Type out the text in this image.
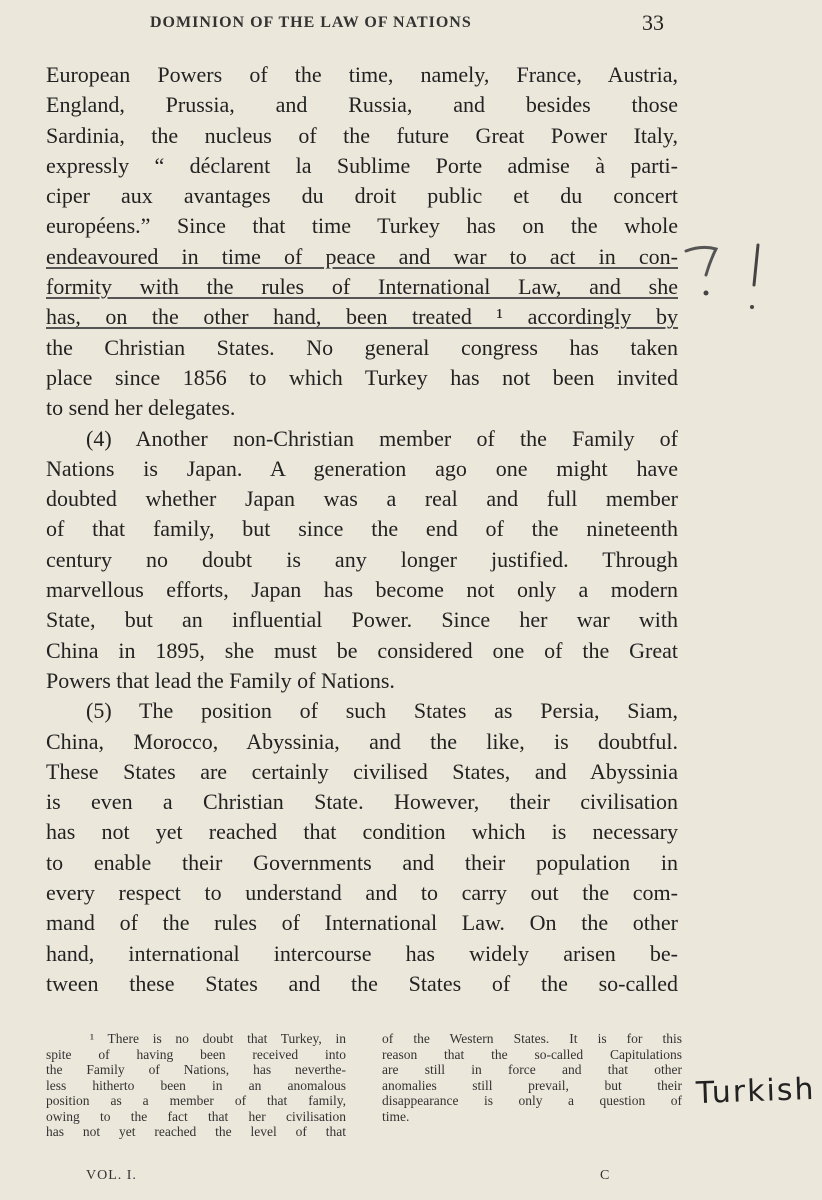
DOMINION OF THE LAW OF NATIONS	33
European Powers of the time, namely, France, Austria,
England, Prussia, and Russia, and besides those
Sardinia, the nucleus of the future Great Power Italy,
expressly “ déclarent la Sublime Porte admise à parti-
ciper aux avantages du droit public et du concert
européens.” Since that time Turkey has on the whole
endeavoured in time of peace and war to act in con-
formity with the rules of International Law, and she
has, on the other hand, been treated ¹ accordingly by
the Christian States. No general congress has taken
place since 1856 to which Turkey has not been invited
to send her delegates.
(4) Another non-Christian member of the Family of
Nations is Japan. A generation ago one might have
doubted whether Japan was a real and full member
of that family, but since the end of the nineteenth
century no doubt is any longer justified. Through
marvellous efforts, Japan has become not only a modern
State, but an influential Power. Since her war with
China in 1895, she must be considered one of the Great
Powers that lead the Family of Nations.
(5) The position of such States as Persia, Siam,
China, Morocco, Abyssinia, and the like, is doubtful.
These States are certainly civilised States, and Abyssinia
is even a Christian State. However, their civilisation
has not yet reached that condition which is necessary
to enable their Governments and their population in
every respect to understand and to carry out the com-
mand of the rules of International Law. On the other
hand, international intercourse has widely arisen be-
tween these States and the States of the so-called
¹ There is no doubt that Turkey, in
spite of having been received into
the Family of Nations, has neverthe-
less hitherto been in an anomalous
position as a member of that family,
owing to the fact that her civilisation
has not yet reached the level of that
of the Western States. It is for this
reason that the so-called Capitulations
are still in force and that other
anomalies still prevail, but their
disappearance is only a question of
time.
Turkish
VOL. I.	C
